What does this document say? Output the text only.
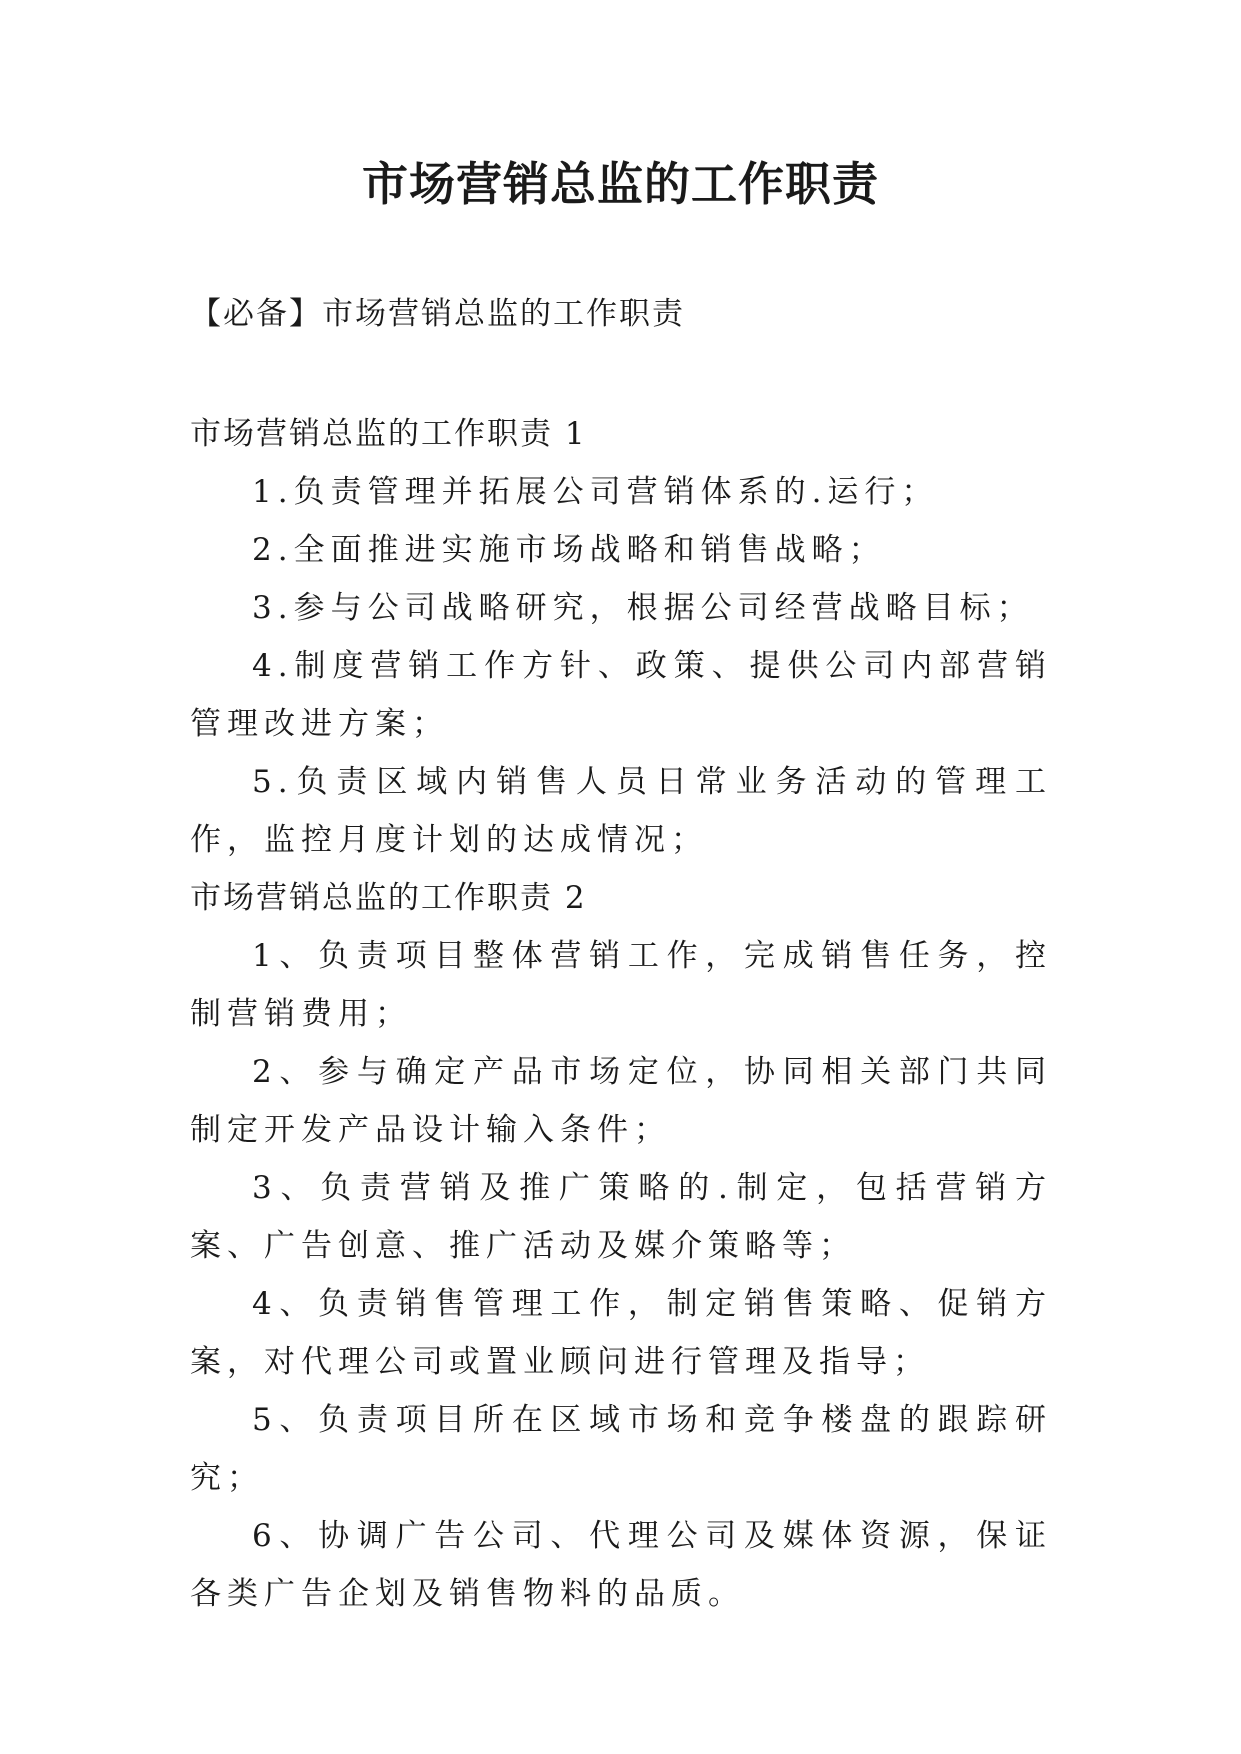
市场营销总监的工作职责

【必备】市场营销总监的工作职责

市场营销总监的工作职责 1

1.负责管理并拓展公司营销体系的.运行；

2.全面推进实施市场战略和销售战略；

3.参与公司战略研究，根据公司经营战略目标；

4.制度营销工作方针、政策、提供公司内部营销管理改进方案；

5.负责区域内销售人员日常业务活动的管理工作，监控月度计划的达成情况；

市场营销总监的工作职责 2

1、负责项目整体营销工作，完成销售任务，控制营销费用；

2、参与确定产品市场定位，协同相关部门共同制定开发产品设计输入条件；

3、负责营销及推广策略的.制定，包括营销方案、广告创意、推广活动及媒介策略等；

4、负责销售管理工作，制定销售策略、促销方案，对代理公司或置业顾问进行管理及指导；

5、负责项目所在区域市场和竞争楼盘的跟踪研究；

6、协调广告公司、代理公司及媒体资源，保证各类广告企划及销售物料的品质。
